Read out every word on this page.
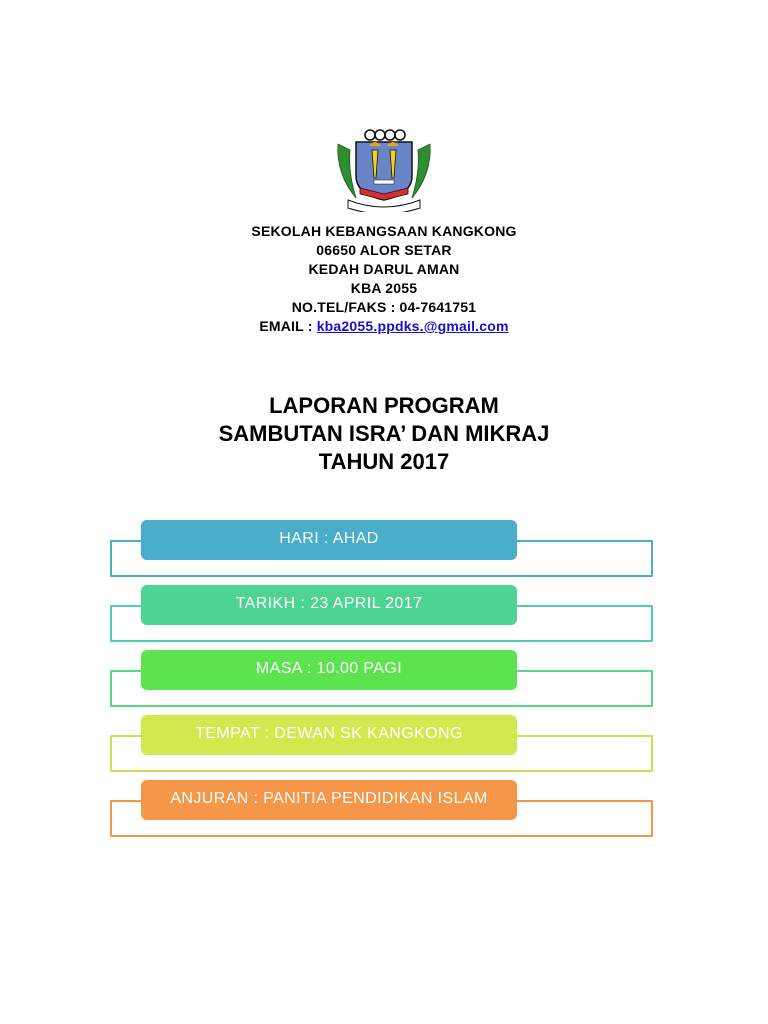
SEKOLAH KEBANGSAAN KANGKONG
06650 ALOR SETAR
KEDAH DARUL AMAN
KBA 2055
NO.TEL/FAKS : 04-7641751
EMAIL : kba2055.ppdks.@gmail.com
LAPORAN PROGRAM
SAMBUTAN ISRA’ DAN MIKRAJ
TAHUN 2017
HARI : AHAD
TARIKH : 23 APRIL 2017
MASA : 10.00 PAGI
TEMPAT : DEWAN SK KANGKONG
ANJURAN : PANITIA PENDIDIKAN ISLAM
